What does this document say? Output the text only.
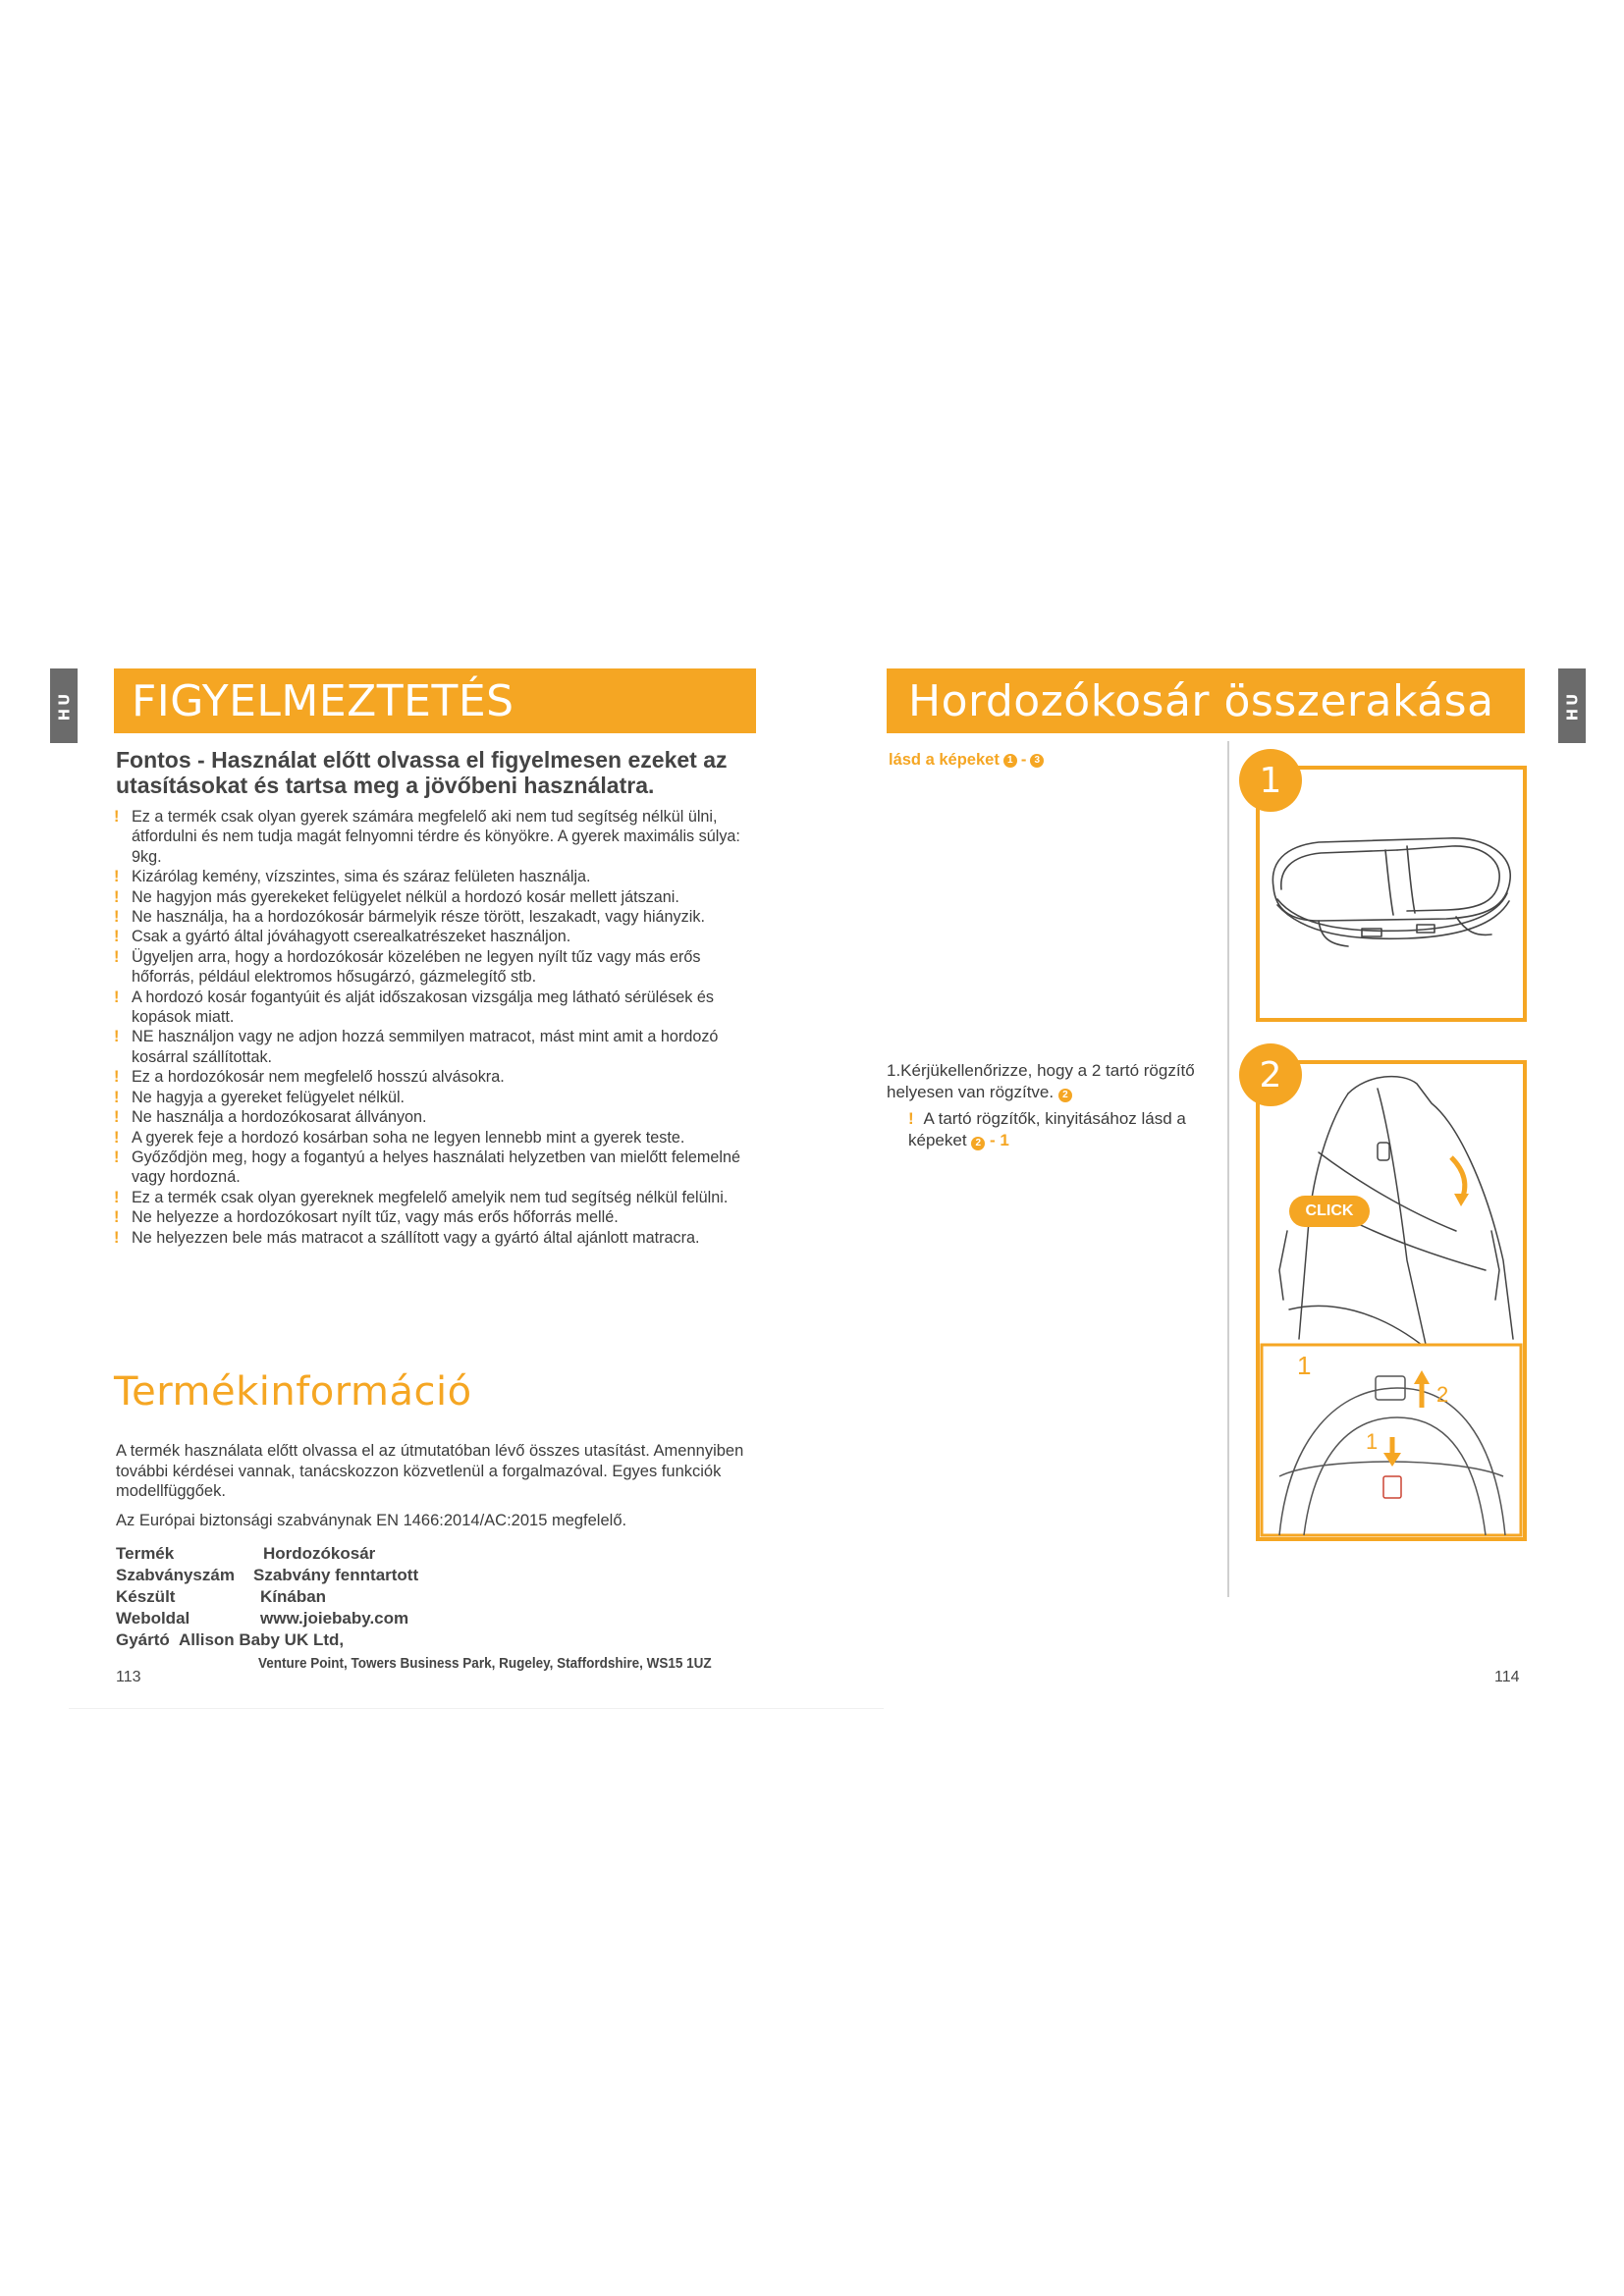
HU	HU
FIGYELMEZTETÉS
Fontos - Használat előtt olvassa el figyelmesen ezeket az utasításokat és tartsa meg a jövőbeni használatra.
! Ez a termék csak olyan gyerek számára megfelelő aki nem tud segítség nélkül ülni, átfordulni és nem tudja magát felnyomni térdre és könyökre. A gyerek maximális súlya: 9kg.
! Kizárólag kemény, vízszintes, sima és száraz felületen használja.
! Ne hagyjon más gyerekeket felügyelet nélkül a hordozó kosár mellett játszani.
! Ne használja, ha a hordozókosár bármelyik része törött, leszakadt, vagy hiányzik.
! Csak a gyártó által jóváhagyott cserealkatrészeket használjon.
! Ügyeljen arra, hogy a hordozókosár közelében ne legyen nyílt tűz vagy más erős hőforrás, például elektromos hősugárzó, gázmelegítő stb.
! A hordozó kosár fogantyúit és alját időszakosan vizsgálja meg látható sérülések és kopások miatt.
! NE használjon vagy ne adjon hozzá semmilyen matracot, mást mint amit a hordozó kosárral szállítottak.
! Ez a hordozókosár nem megfelelő hosszú alvásokra.
! Ne hagyja a gyereket felügyelet nélkül.
! Ne használja a hordozókosarat állványon.
! A gyerek feje a hordozó kosárban soha ne legyen lennebb mint a gyerek teste.
! Győződjön meg, hogy a fogantyú a helyes használati helyzetben van mielőtt felemelné vagy hordozná.
! Ez a termék csak olyan gyereknek megfelelő amelyik nem tud segítség nélkül felülni.
! Ne helyezze a hordozókosart nyílt tűz, vagy más erős hőforrás mellé.
! Ne helyezzen bele más matracot a szállított vagy a gyártó által ajánlott matracra.
Termékinformáció
A termék használata előtt olvassa el az útmutatóban lévő összes utasítást. Amennyiben további kérdései vannak, tanácskozzon közvetlenül a forgalmazóval. Egyes funkciók modellfüggőek.
Az Európai biztonsági szabványnak EN 1466:2014/AC:2015 megfelelő.
Termék	Hordozókosár
Szabványszám	Szabvány fenntartott
Készült	Kínában
Weboldal	www.joiebaby.com
Gyártó Allison Baby UK Ltd,
Venture Point, Towers Business Park, Rugeley, Staffordshire, WS15 1UZ
113
Hordozókosár összerakása
lásd a képeket 1 - 3
1.Kérjükellenőrizze, hogy a 2 tartó rögzítő helyesen van rögzítve. 2
! A tartó rögzítők, kinyitásához lásd a képeket 2 - 1
1
CLICK
1
2
1
2
114
